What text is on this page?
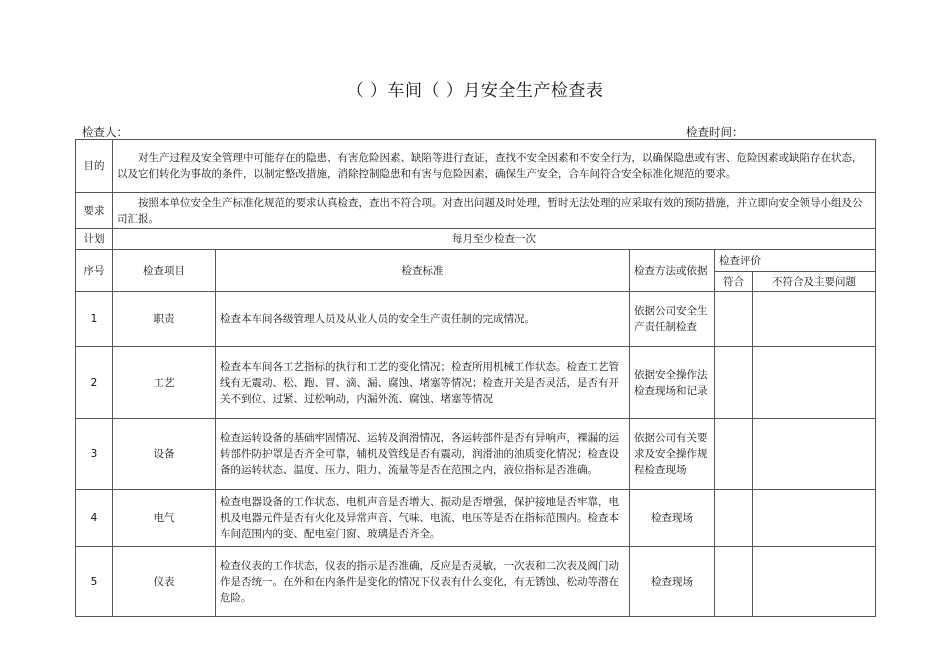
（ ）车间（ ）月安全生产检查表
检查人：	检查时间：
目的	对生产过程及安全管理中可能存在的隐患、有害危险因素、缺陷等进行查证，查找不安全因素和不安全行为，以确保隐患或有害、危险因素或缺陷存在状态，以及它们转化为事故的条件，以制定整改措施，消除控制隐患和有害与危险因素，确保生产安全，合车间符合安全标准化规范的要求。				
要求	按照本单位安全生产标准化规范的要求认真检查，查出不符合项。对查出问题及时处理，暂时无法处理的应采取有效的预防措施，并立即向安全领导小组及公司汇报。				
计划	每月至少检查一次				
序号	检查项目	检查标准	检查方法或依据	检查评价	
				符合	不符合及主要问题
1	职责	检查本车间各级管理人员及从业人员的安全生产责任制的完成情况。	依据公司安全生产责任制检查		
2	工艺	检查本车间各工艺指标的执行和工艺的变化情况；检查所用机械工作状态。检查工艺管线有无震动、松、跑、冒、滴、漏、腐蚀、堵塞等情况；检查开关是否灵活，是否有开关不到位、过紧、过松响动，内漏外流、腐蚀、堵塞等情况	依据安全操作法检查现场和记录		
3	设备	检查运转设备的基础牢固情况、运转及润滑情况，各运转部件是否有异响声，裸漏的运转部件防护罩是否齐全可靠，辅机及管线是否有震动，润滑油的油质变化情况；检查设备的运转状态、温度、压力、阻力、流量等是否在范围之内，液位指标是否准确。	依据公司有关要求及安全操作规程检查现场		
4	电气	检查电器设备的工作状态、电机声音是否增大、振动是否增强，保护接地是否牢靠，电机及电器元件是否有火化及异常声音、气味、电流、电压等是否在指标范围内。检查本车间范围内的变、配电室门窗、玻璃是否齐全。	检查现场		
5	仪表	检查仪表的工作状态，仪表的指示是否准确，反应是否灵敏，一次表和二次表及阀门动作是否统一。在外和在内条件是变化的情况下仪表有什么变化，有无锈蚀、松动等潜在危险。	检查现场		
